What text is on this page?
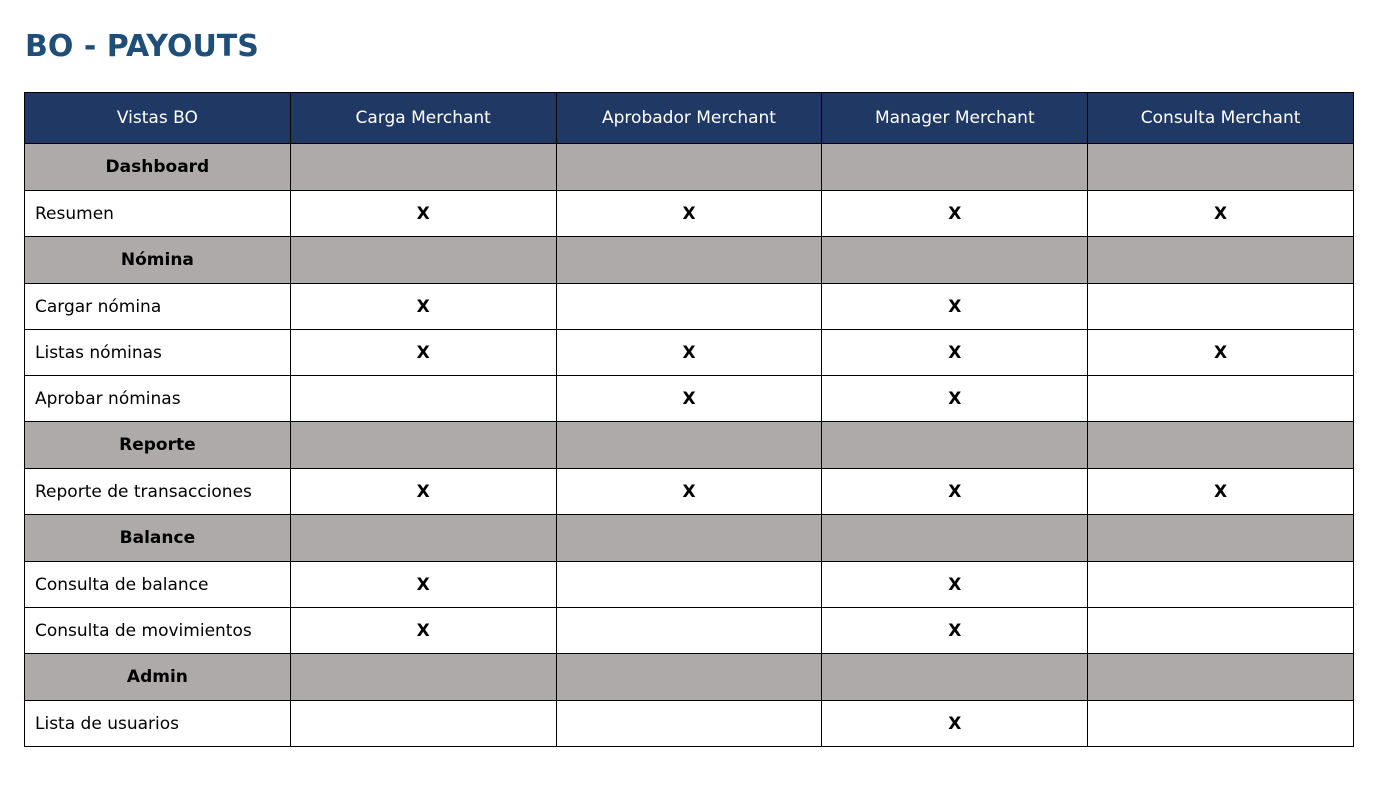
BO - PAYOUTS
Vistas BO	Carga Merchant	Aprobador Merchant	Manager Merchant	Consulta Merchant
Dashboard				
Resumen	X	X	X	X
Nómina				
Cargar nómina	X		X	
Listas nóminas	X	X	X	X
Aprobar nóminas		X	X	
Reporte				
Reporte de transacciones	X	X	X	X
Balance				
Consulta de balance	X		X	
Consulta de movimientos	X		X	
Admin				
Lista de usuarios			X	
